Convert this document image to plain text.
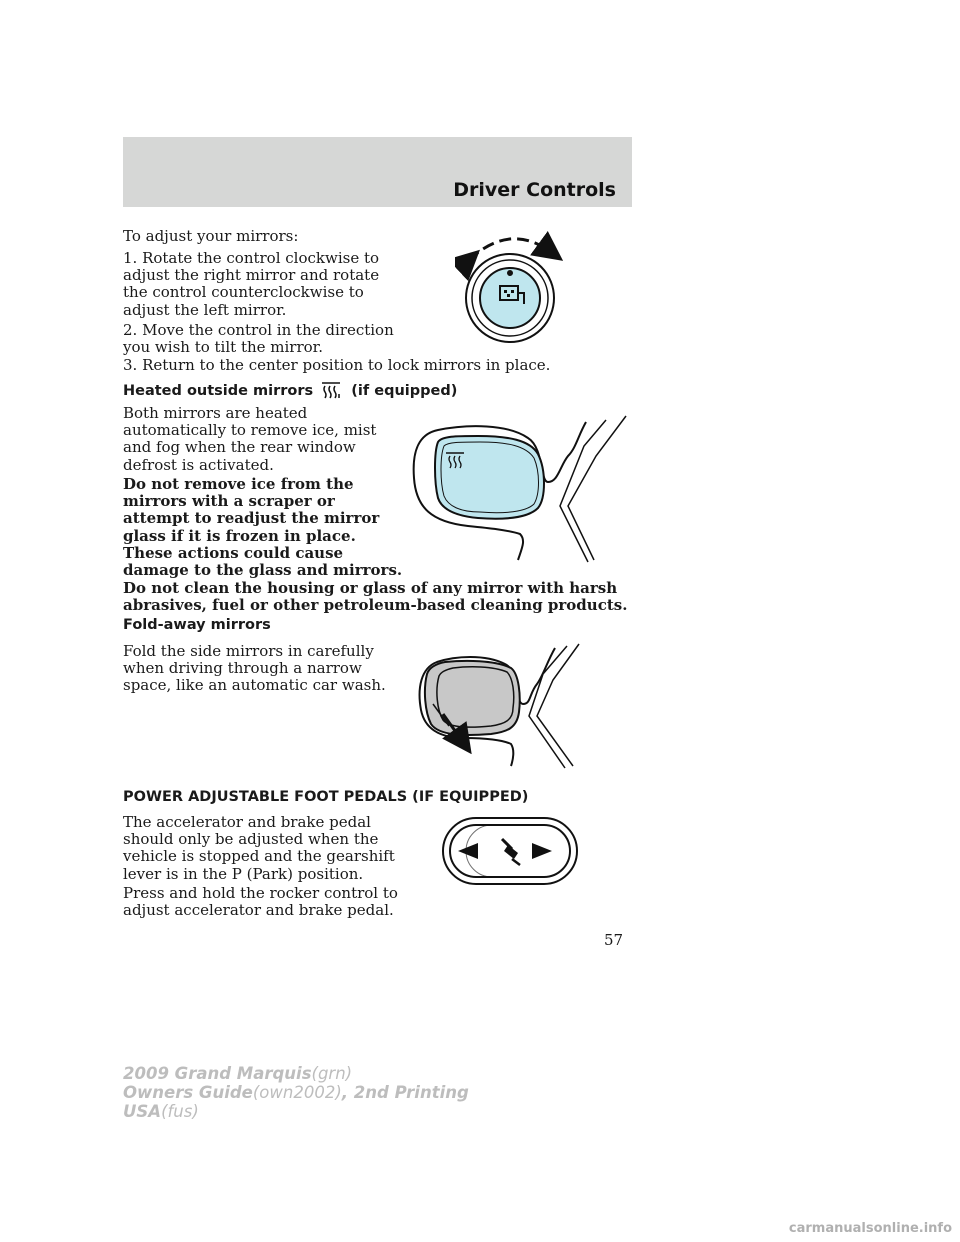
Driver Controls

To adjust your mirrors:

1. Rotate the control clockwise to
adjust the right mirror and rotate
the control counterclockwise to
adjust the left mirror.

2. Move the control in the direction
you wish to tilt the mirror.

3. Return to the center position to lock mirrors in place.

Heated outside mirrors	(if equipped)

Both mirrors are heated
automatically to remove ice, mist
and fog when the rear window
defrost is activated.

Do not remove ice from the
mirrors with a scraper or
attempt to readjust the mirror
glass if it is frozen in place.
These actions could cause
damage to the glass and mirrors.

Do not clean the housing or glass of any mirror with harsh
abrasives, fuel or other petroleum-based cleaning products.

Fold-away mirrors

Fold the side mirrors in carefully
when driving through a narrow
space, like an automatic car wash.

POWER ADJUSTABLE FOOT PEDALS (IF EQUIPPED)

The accelerator and brake pedal
should only be adjusted when the
vehicle is stopped and the gearshift
lever is in the P (Park) position.

Press and hold the rocker control to
adjust accelerator and brake pedal.

57
2009 Grand Marquis(grn)
Owners Guide(own2002), 2nd Printing
USA(fus)
carmanualsonline.info
